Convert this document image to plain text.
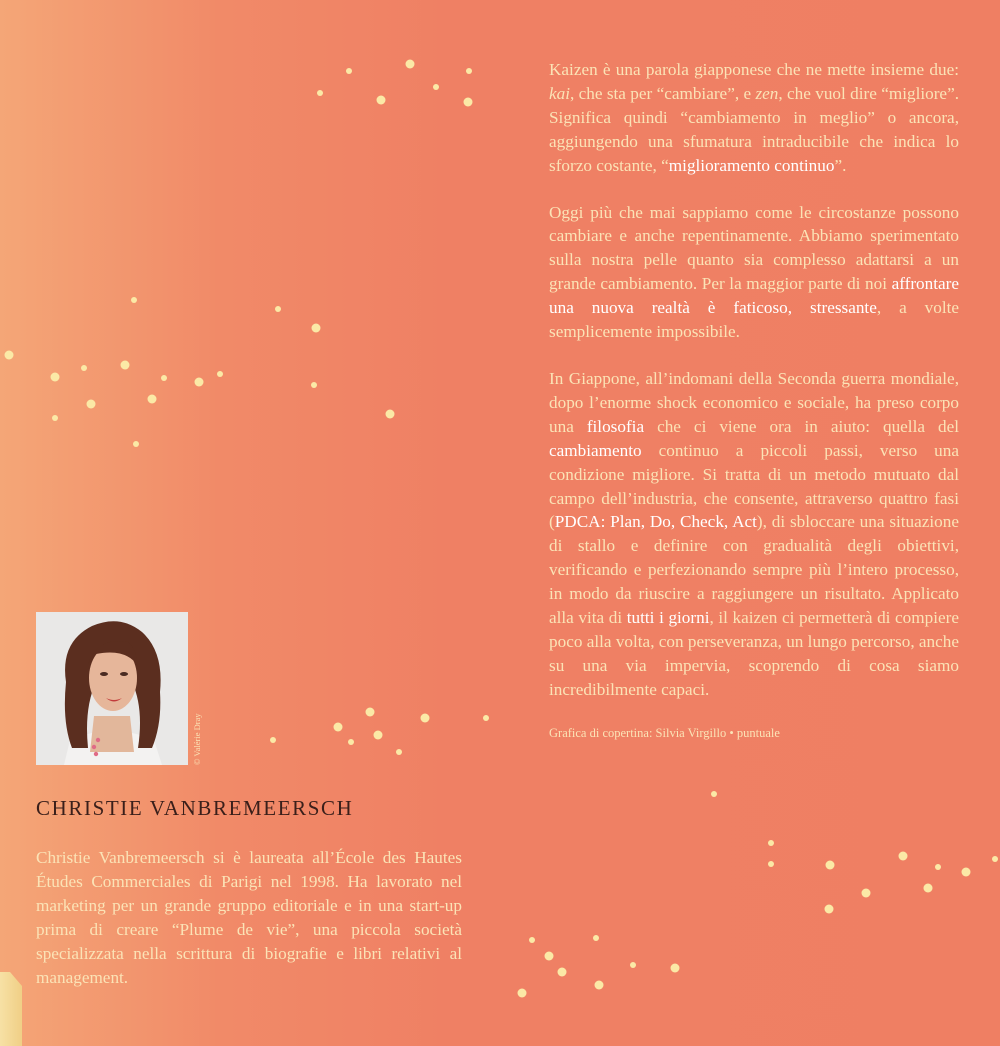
Kaizen è una parola giapponese che ne mette insieme due: kai, che sta per “cambiare”, e zen, che vuol dire “migliore”. Significa quindi “cambiamento in meglio” o ancora, aggiungendo una sfumatura intraducibile che indica lo sforzo costante, “miglioramento continuo”.

Oggi più che mai sappiamo come le circostanze possono cambiare e anche repentinamente. Abbiamo sperimentato sulla nostra pelle quanto sia complesso adattarsi a un grande cambiamento. Per la maggior parte di noi affrontare una nuova realtà è faticoso, stressante, a volte semplicemente impossibile.

In Giappone, all’indomani della Seconda guerra mondiale, dopo l’enorme shock economico e sociale, ha preso corpo una filosofia che ci viene ora in aiuto: quella del cambiamento continuo a piccoli passi, verso una condizione migliore. Si tratta di un metodo mutuato dal campo dell’industria, che consente, attraverso quattro fasi (PDCA: Plan, Do, Check, Act), di sbloccare una situazione di stallo e definire con gradualità degli obiettivi, verificando e perfezionando sempre più l’intero processo, in modo da riuscire a raggiungere un risultato. Applicato alla vita di tutti i giorni, il kaizen ci permetterà di compiere poco alla volta, con perseveranza, un lungo percorso, anche su una via impervia, scoprendo di cosa siamo incredibilmente capaci.

Grafica di copertina: Silvia Virgillo • puntuale
© Valérie Dray
CHRISTIE VANBREMEERSCH
Christie Vanbremeersch si è laureata all’École des Hautes Études Commerciales di Parigi nel 1998. Ha lavorato nel marketing per un grande gruppo editoriale e in una start-up prima di creare “Plume de vie”, una piccola società specializzata nella scrittura di biografie e libri relativi al management.
